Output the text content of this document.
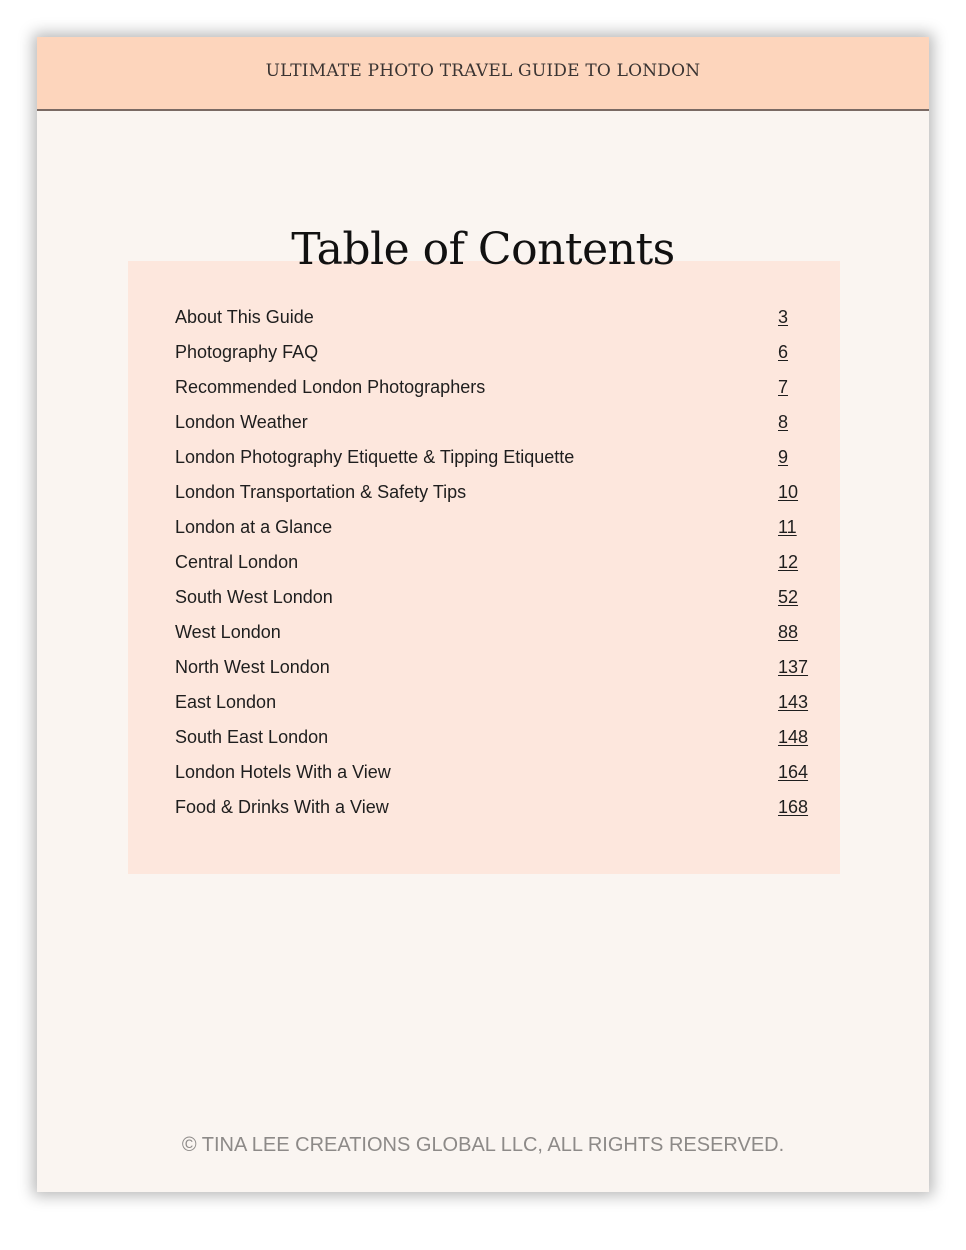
ULTIMATE PHOTO TRAVEL GUIDE TO LONDON
Table of Contents
About This Guide	3
Photography FAQ	6
Recommended London Photographers	7
London Weather	8
London Photography Etiquette & Tipping Etiquette	9
London Transportation & Safety Tips	10
London at a Glance	11
Central London	12
South West London	52
West London	88
North West London	137
East London	143
South East London	148
London Hotels With a View	164
Food & Drinks With a View	168
© TINA LEE CREATIONS GLOBAL LLC, ALL RIGHTS RESERVED.
